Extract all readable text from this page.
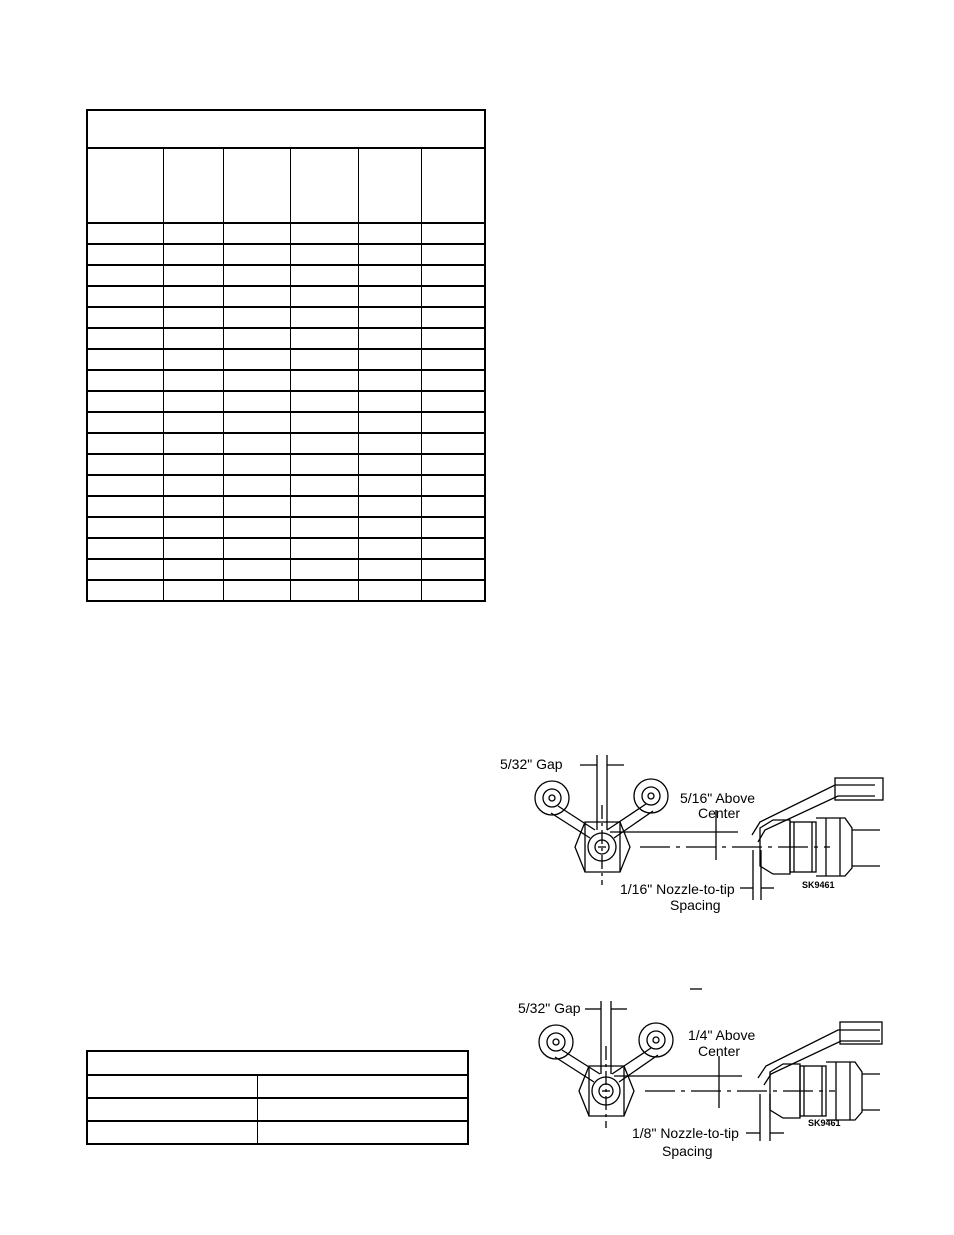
5/32" Gap
5/16" Above
Center
1/16" Nozzle-to-tip
Spacing
SK9461
5/32" Gap
1/4" Above
Center
1/8" Nozzle-to-tip
Spacing
SK9461
